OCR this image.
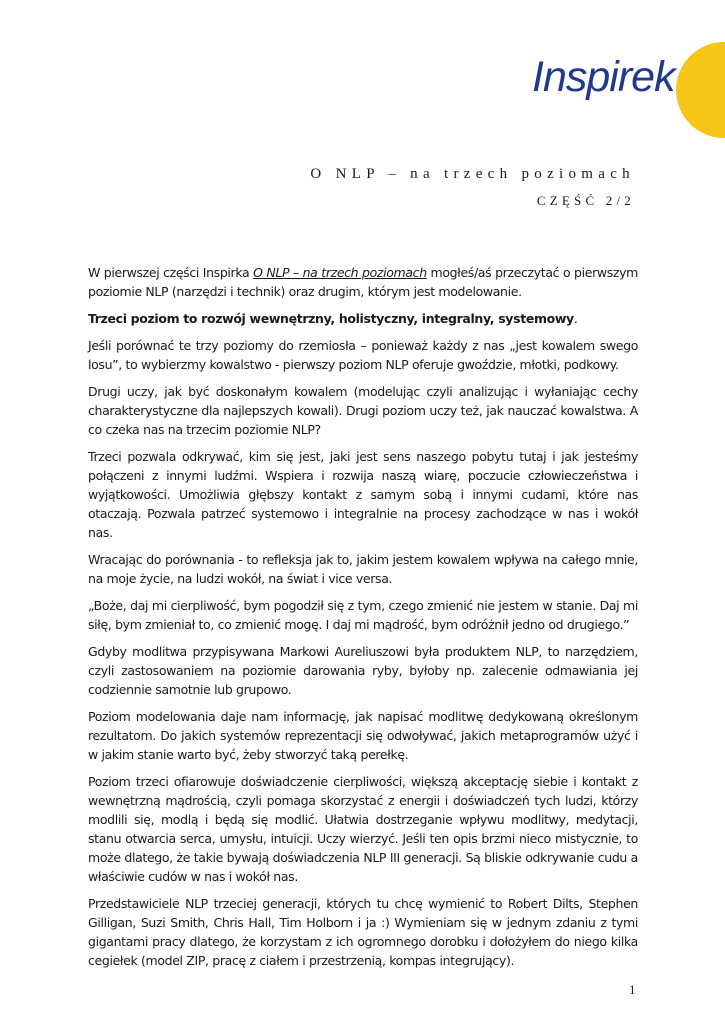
Inspirek
O NLP – na trzech poziomach
CZĘŚĆ 2/2

W pierwszej części Inspirka O NLP – na trzech poziomach mogłeś/aś przeczytać o pierwszym poziomie NLP (narzędzi i technik) oraz drugim, którym jest modelowanie.

Trzeci poziom to rozwój wewnętrzny, holistyczny, integralny, systemowy.

Jeśli porównać te trzy poziomy do rzemiosła – ponieważ każdy z nas „jest kowalem swego losu”, to wybierzmy kowalstwo - pierwszy poziom NLP oferuje gwoździe, młotki, podkowy.

Drugi uczy, jak być doskonałym kowalem (modelując czyli analizując i wyłaniając cechy charakterystyczne dla najlepszych kowali). Drugi poziom uczy też, jak nauczać kowalstwa. A co czeka nas na trzecim poziomie NLP?

Trzeci pozwala odkrywać, kim się jest, jaki jest sens naszego pobytu tutaj i jak jesteśmy połączeni z innymi ludźmi. Wspiera i rozwija naszą wiarę, poczucie człowieczeństwa i wyjątkowości. Umożliwia głębszy kontakt z samym sobą i innymi cudami, które nas otaczają. Pozwala patrzeć systemowo i integralnie na procesy zachodzące w nas i wokół nas.

Wracając do porównania - to refleksja jak to, jakim jestem kowalem wpływa na całego mnie, na moje życie, na ludzi wokół, na świat i vice versa.

„Boże, daj mi cierpliwość, bym pogodził się z tym, czego zmienić nie jestem w stanie. Daj mi siłę, bym zmieniał to, co zmienić mogę. I daj mi mądrość, bym odróżnił jedno od drugiego.”

Gdyby modlitwa przypisywana Markowi Aureliuszowi była produktem NLP, to narzędziem, czyli zastosowaniem na poziomie darowania ryby, byłoby np. zalecenie odmawiania jej codziennie samotnie lub grupowo.

Poziom modelowania daje nam informację, jak napisać modlitwę dedykowaną określonym rezultatom. Do jakich systemów reprezentacji się odwoływać, jakich metaprogramów użyć i w jakim stanie warto być, żeby stworzyć taką perełkę.

Poziom trzeci ofiarowuje doświadczenie cierpliwości, większą akceptację siebie i kontakt z wewnętrzną mądrością, czyli pomaga skorzystać z energii i doświadczeń tych ludzi, którzy modlili się, modlą i będą się modlić. Ułatwia dostrzeganie wpływu modlitwy, medytacji, stanu otwarcia serca, umysłu, intuicji. Uczy wierzyć. Jeśli ten opis brzmi nieco mistycznie, to może dlatego, że takie bywają doświadczenia NLP III generacji. Są bliskie odkrywanie cudu a właściwie cudów w nas i wokół nas.

Przedstawiciele NLP trzeciej generacji, których tu chcę wymienić to Robert Dilts, Stephen Gilligan, Suzi Smith, Chris Hall, Tim Holborn i ja :) Wymieniam się w jednym zdaniu z tymi gigantami pracy dlatego, że korzystam z ich ogromnego dorobku i dołożyłem do niego kilka cegiełek (model ZIP, pracę z ciałem i przestrzenią, kompas integrujący).

1
